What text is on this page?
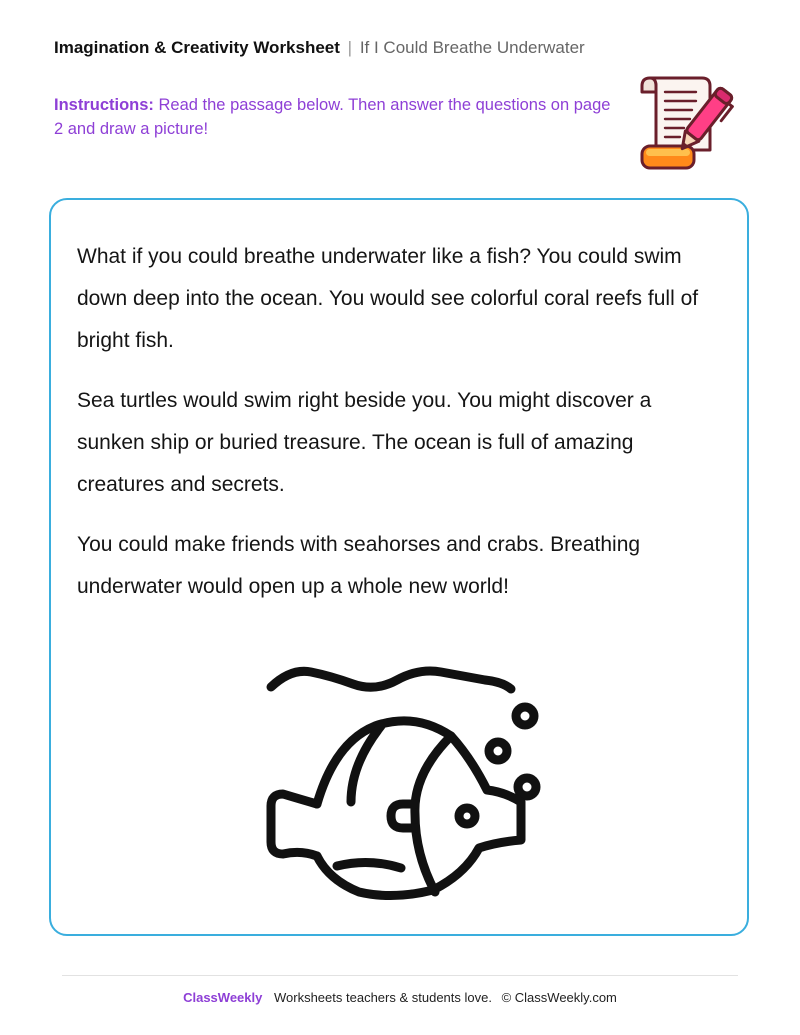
Imagination & Creativity Worksheet | If I Could Breathe Underwater
Instructions: Read the passage below. Then answer the questions on page 2 and draw a picture!

What if you could breathe underwater like a fish? You could swim down deep into the ocean. You would see colorful coral reefs full of bright fish.

Sea turtles would swim right beside you. You might discover a sunken ship or buried treasure. The ocean is full of amazing creatures and secrets.

You could make friends with seahorses and crabs. Breathing underwater would open up a whole new world!

ClassWeekly Worksheets teachers & students love. © ClassWeekly.com
